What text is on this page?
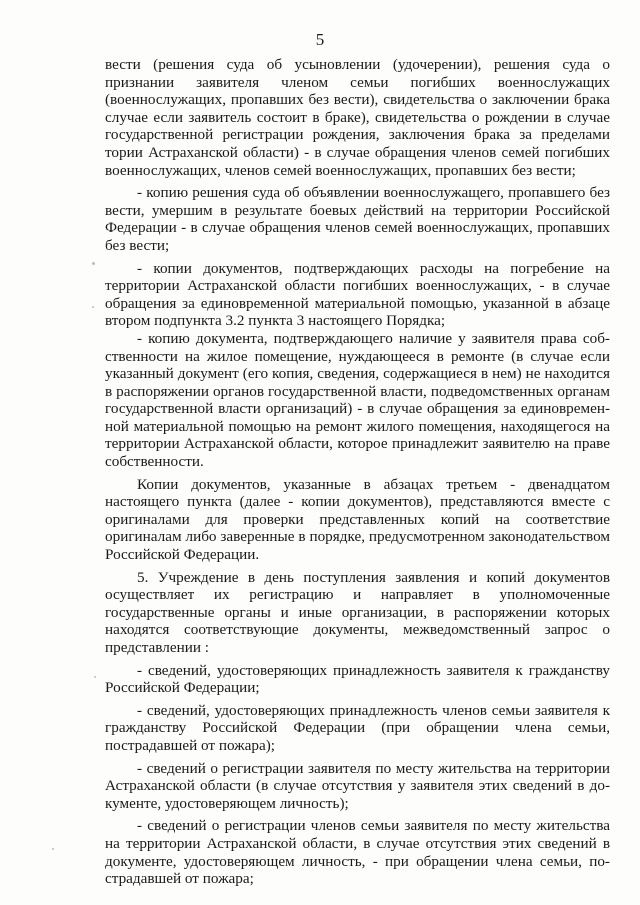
5
вести (решения суда об усыновлении (удочерении), решения суда о
признании заявителя членом семьи погибших военнослужащих
(военнослужащих, пропавших без вести), свидетельства о заключении брака
случае если заявитель состоит в браке), свидетельства о рождении в случае
государственной регистрации рождения, заключения брака за пределами
тории Астраханской области) - в случае обращения членов семей погибших
военнослужащих, членов семей военнослужащих, пропавших без вести;
- копию решения суда об объявлении военнослужащего, пропавшего без
вести, умершим в результате боевых действий на территории Российской
Федерации - в случае обращения членов семей военнослужащих, пропавших
без вести;
- копии документов, подтверждающих расходы на погребение на
территории Астраханской области погибших военнослужащих, - в случае
обращения за единовременной материальной помощью, указанной в абзаце
втором подпункта 3.2 пункта 3 настоящего Порядка;
- копию документа, подтверждающего наличие у заявителя права соб-
ственности на жилое помещение, нуждающееся в ремонте (в случае если
указанный документ (его копия, сведения, содержащиеся в нем) не находится
в распоряжении органов государственной власти, подведомственных органам
государственной власти организаций) - в случае обращения за единовремен-
ной материальной помощью на ремонт жилого помещения, находящегося на
территории Астраханской области, которое принадлежит заявителю на праве
собственности.
Копии документов, указанные в абзацах третьем - двенадцатом
настоящего пункта (далее - копии документов), представляются вместе с
оригиналами для проверки представленных копий на соответствие
оригиналам либо заверенные в порядке, предусмотренном законодательством
Российской Федерации.
5. Учреждение в день поступления заявления и копий документов
осуществляет их регистрацию и направляет в уполномоченные
государственные органы и иные организации, в распоряжении которых
находятся соответствующие документы, межведомственный запрос о
представлении :
- сведений, удостоверяющих принадлежность заявителя к гражданству
Российской Федерации;
- сведений, удостоверяющих принадлежность членов семьи заявителя к
гражданству Российской Федерации (при обращении члена семьи,
пострадавшей от пожара);
- сведений о регистрации заявителя по месту жительства на территории
Астраханской области (в случае отсутствия у заявителя этих сведений в до-
кументе, удостоверяющем личность);
- сведений о регистрации членов семьи заявителя по месту жительства
на территории Астраханской области, в случае отсутствия этих сведений в
документе, удостоверяющем личность, - при обращении члена семьи, по-
страдавшей от пожара;
